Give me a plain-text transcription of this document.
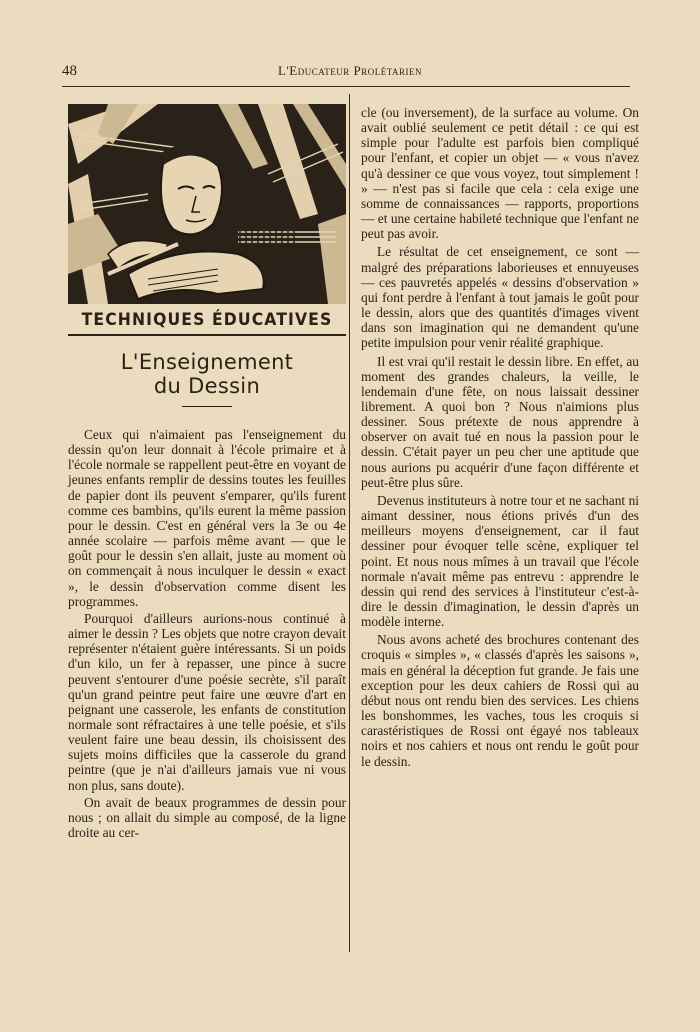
48	L'Educateur Prolétarien
TECHNIQUES ÉDUCATIVES
L'Enseignement
du Dessin

Ceux qui n'aimaient pas l'enseignement du dessin qu'on leur donnait à l'école primaire et à l'école normale se rappellent peut-être en voyant de jeunes enfants remplir de dessins toutes les feuilles de papier dont ils peuvent s'emparer, qu'ils furent comme ces bambins, qu'ils eurent la même passion pour le dessin. C'est en général vers la 3e ou 4e année scolaire — parfois même avant — que le goût pour le dessin s'en allait, juste au moment où on commençait à nous inculquer le dessin « exact », le dessin d'observation comme disent les programmes.

Pourquoi d'ailleurs aurions-nous continué à aimer le dessin ? Les objets que notre crayon devait représenter n'étaient guère intéressants. Si un poids d'un kilo, un fer à repasser, une pince à sucre peuvent s'entourer d'une poésie secrète, s'il paraît qu'un grand peintre peut faire une œuvre d'art en peignant une casserole, les enfants de constitution normale sont réfractaires à une telle poésie, et s'ils veulent faire une beau dessin, ils choisissent des sujets moins difficiles que la casserole du grand peintre (que je n'ai d'ailleurs jamais vue ni vous non plus, sans doute).

On avait de beaux programmes de dessin pour nous ; on allait du simple au composé, de la ligne droite au cer-

cle (ou inversement), de la surface au volume. On avait oublié seulement ce petit détail : ce qui est simple pour l'adulte est parfois bien compliqué pour l'enfant, et copier un objet — « vous n'avez qu'à dessiner ce que vous voyez, tout simplement ! » — n'est pas si facile que cela : cela exige une somme de connaissances — rapports, proportions — et une certaine habileté technique que l'enfant ne peut pas avoir.

Le résultat de cet enseignement, ce sont — malgré des préparations laborieuses et ennuyeuses — ces pauvretés appelés « dessins d'observation » qui font perdre à l'enfant à tout jamais le goût pour le dessin, alors que des quantités d'images vivent dans son imagination qui ne demandent qu'une petite impulsion pour venir réalité graphique.

Il est vrai qu'il restait le dessin libre. En effet, au moment des grandes chaleurs, la veille, le lendemain d'une fête, on nous laissait dessiner librement. A quoi bon ? Nous n'aimions plus dessiner. Sous prétexte de nous apprendre à observer on avait tué en nous la passion pour le dessin. C'était payer un peu cher une aptitude que nous aurions pu acquérir d'une façon différente et peut-être plus sûre.

Devenus instituteurs à notre tour et ne sachant ni aimant dessiner, nous étions privés d'un des meilleurs moyens d'enseignement, car il faut dessiner pour évoquer telle scène, expliquer tel point. Et nous nous mîmes à un travail que l'école normale n'avait même pas entrevu : apprendre le dessin qui rend des services à l'instituteur c'est-à-dire le dessin d'imagination, le dessin d'après un modèle interne.

Nous avons acheté des brochures contenant des croquis « simples », « classés d'après les saisons », mais en général la déception fut grande. Je fais une exception pour les deux cahiers de Rossi qui au début nous ont rendu bien des services. Les chiens les bonshommes, les vaches, tous les croquis si carastéristiques de Rossi ont égayé nos tableaux noirs et nos cahiers et nous ont rendu le goût pour le dessin.
